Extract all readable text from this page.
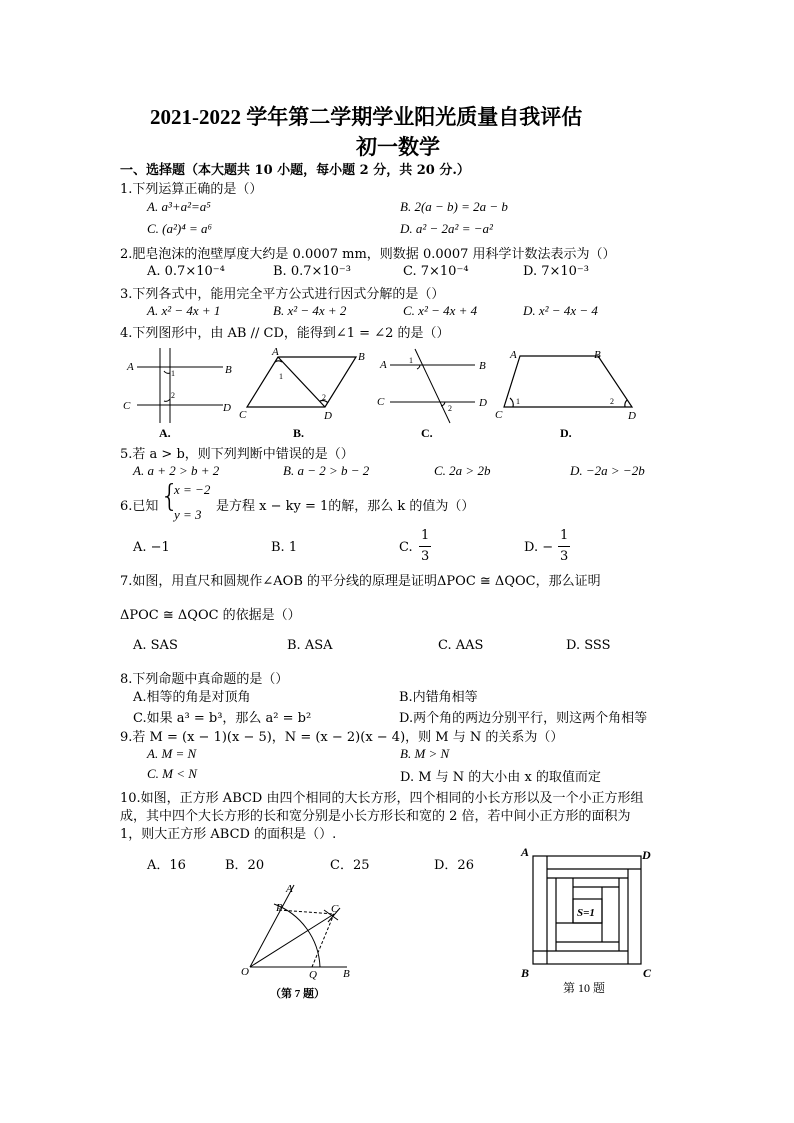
2021-2022 学年第二学期学业阳光质量自我评估
初一数学
一、选择题（本大题共 10 小题，每小题 2 分，共 20 分.）
1.下列运算正确的是（）
A. a³+a²=a⁵	B. 2(a − b) = 2a − b
C. (a²)⁴ = a⁶	D. a² − 2a² = −a²
2.肥皂泡沫的泡壁厚度大约是 0.0007 mm，则数据 0.0007 用科学计数法表示为（）
A. 0.7×10⁻⁴	B. 0.7×10⁻³	C. 7×10⁻⁴	D. 7×10⁻³
3.下列各式中，能用完全平方公式进行因式分解的是（）
A. x² − 4x + 1	B. x² − 4x + 2	C. x² − 4x + 4	D. x² − 4x − 4
4.下列图形中，由 AB // CD，能得到∠1 = ∠2 的是（）
A	B
C	D
1
2
A	B
C	D
1
2
A	B
C	D
1
2
A	B
C	D
1	2
A.	B.	C.	D.
5.若 a > b，则下列判断中错误的是（）
A. a + 2 > b + 2	B. a − 2 > b − 2	C. 2a > 2b	D. −2a > −2b
6.已知 {
x = −2
y = 3
是方程 x − ky = 1的解，那么 k 的值为（）
A. −1	B. 1	C.
1
3
D. −
1
3
7.如图，用直尺和圆规作∠AOB 的平分线的原理是证明ΔPOC ≅ ΔQOC，那么证明
ΔPOC ≅ ΔQOC 的依据是（）
A. SAS	B. ASA	C. AAS	D. SSS
8.下列命题中真命题的是（）
A.相等的角是对顶角	B.内错角相等
C.如果 a³ = b³，那么 a² = b²	D.两个角的两边分别平行，则这两个角相等
9.若 M = (x − 1)(x − 5)，N = (x − 2)(x − 4)，则 M 与 N 的关系为（）
A. M = N	B. M > N
C. M < N	D. M 与 N 的大小由 x 的取值而定
10.如图，正方形 ABCD 由四个相同的大长方形，四个相同的小长方形以及一个小正方形组
成，其中四个大长方形的长和宽分别是小长方形长和宽的 2 倍，若中间小正方形的面积为
1，则大正方形 ABCD 的面积是（）.
A．16	B．20	C．25	D．26
A
P	C
O	Q B
（第 7 题）
S=1
A	D
B	C
第 10 题
